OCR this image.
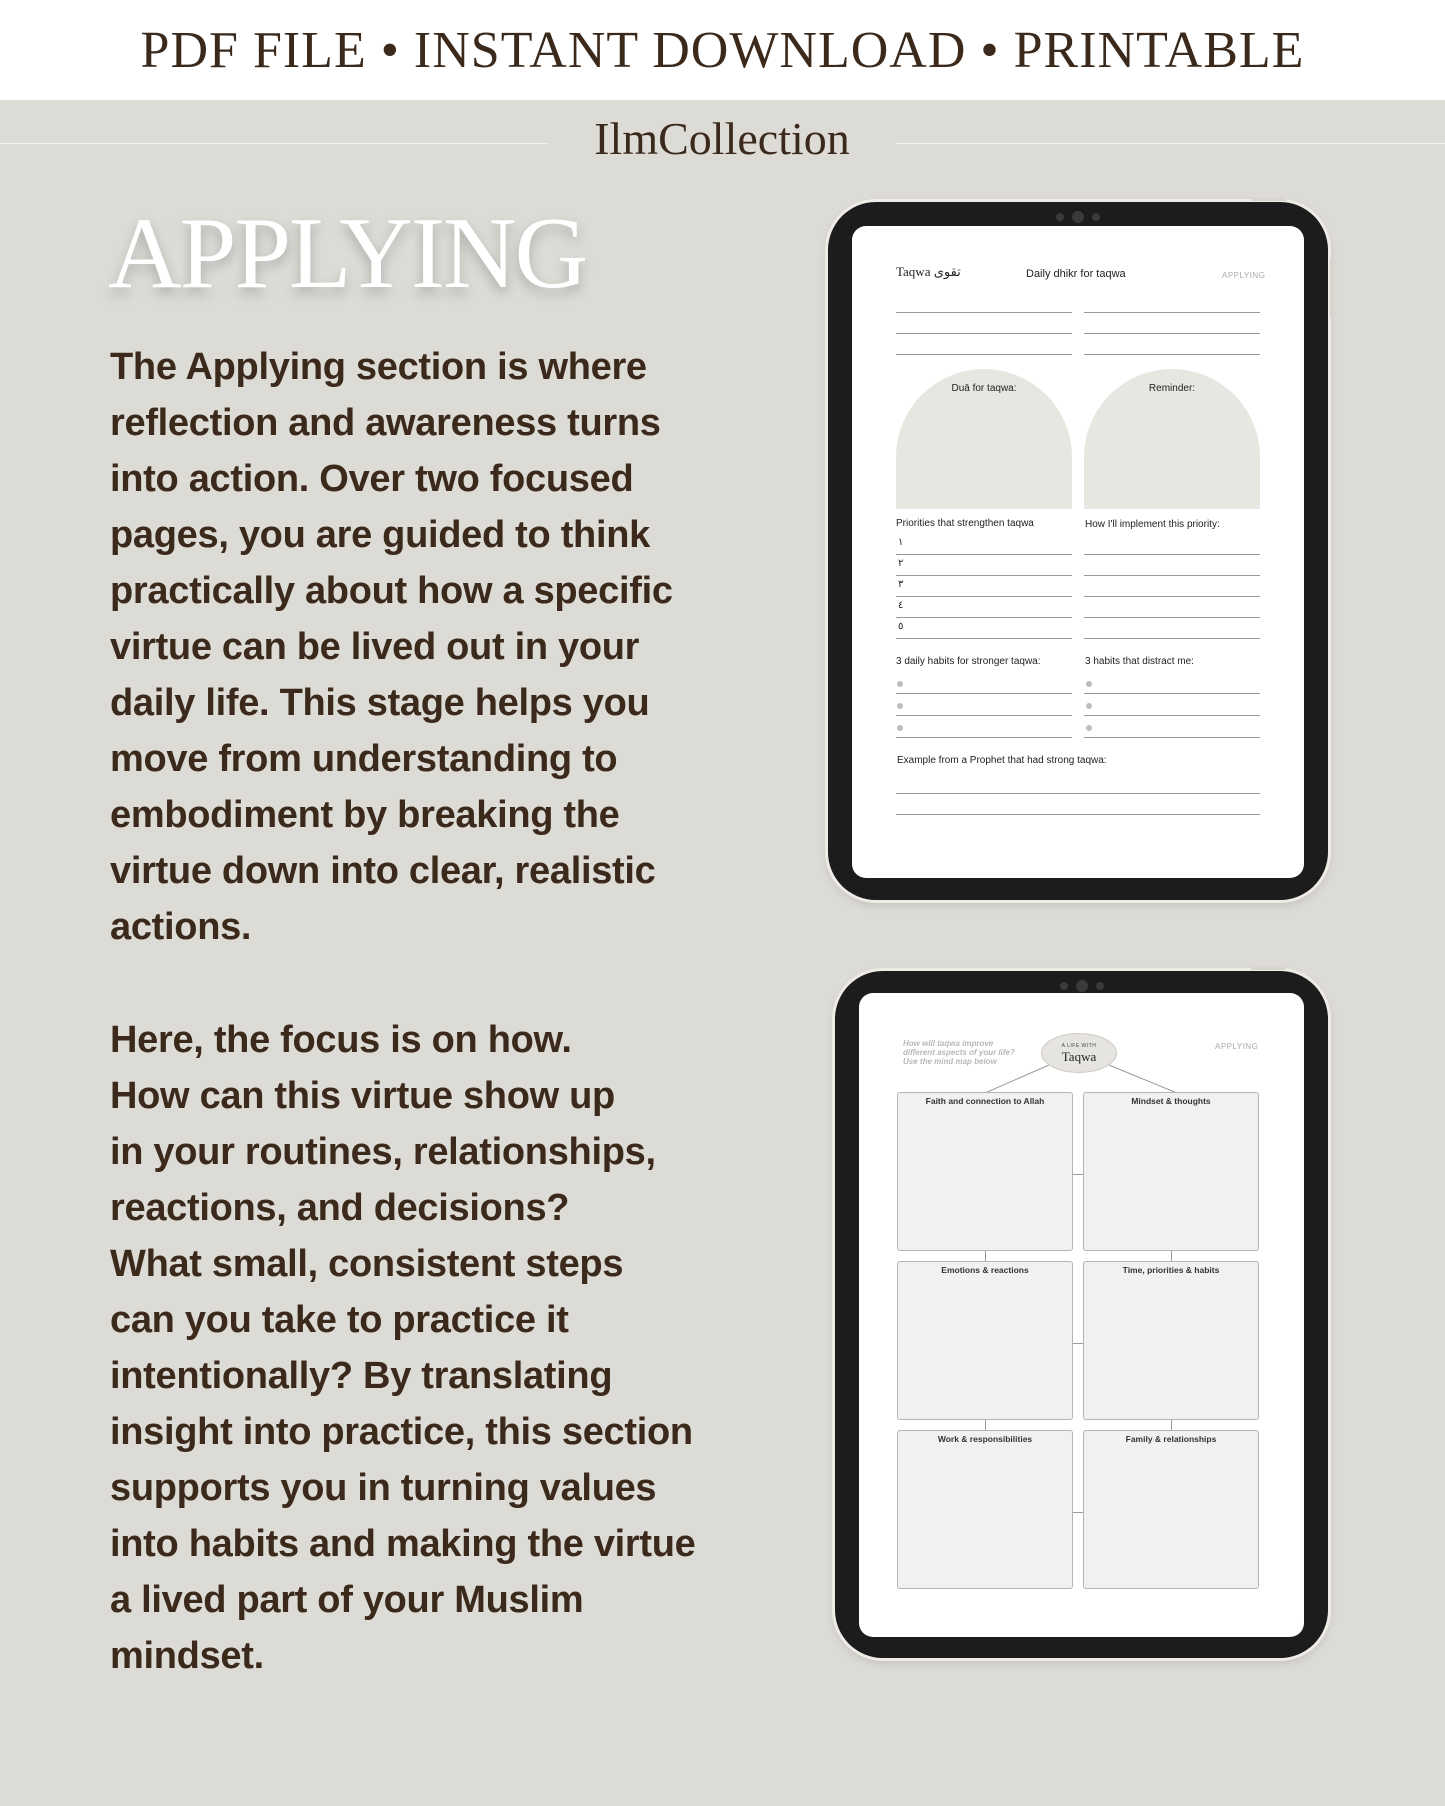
PDF FILE • INSTANT DOWNLOAD • PRINTABLE
IlmCollection
APPLYING
The Applying section is where
reflection and awareness turns
into action. Over two focused
pages, you are guided to think
practically about how a specific
virtue can be lived out in your
daily life. This stage helps you
move from understanding to
embodiment by breaking the
virtue down into clear, realistic
actions.
Here, the focus is on how.
How can this virtue show up
in your routines, relationships,
reactions, and decisions?
What small, consistent steps
can you take to practice it
intentionally? By translating
insight into practice, this section
supports you in turning values
into habits and making the virtue
a lived part of your Muslim
mindset.
Taqwa تقوى	Daily dhikr for taqwa	APPLYING
Duā for taqwa:	Reminder:
Priorities that strengthen taqwa	How I'll implement this priority:
١
٢
٣
٤
٥
3 daily habits for stronger taqwa:	3 habits that distract me:
Example from a Prophet that had strong taqwa:
How will taqwa improve
different aspects of your life?
Use the mind map below
APPLYING
A LIFE WITH
Taqwa
Faith and connection to Allah	Mindset & thoughts
Emotions & reactions	Time, priorities & habits
Work & responsibilities	Family & relationships
